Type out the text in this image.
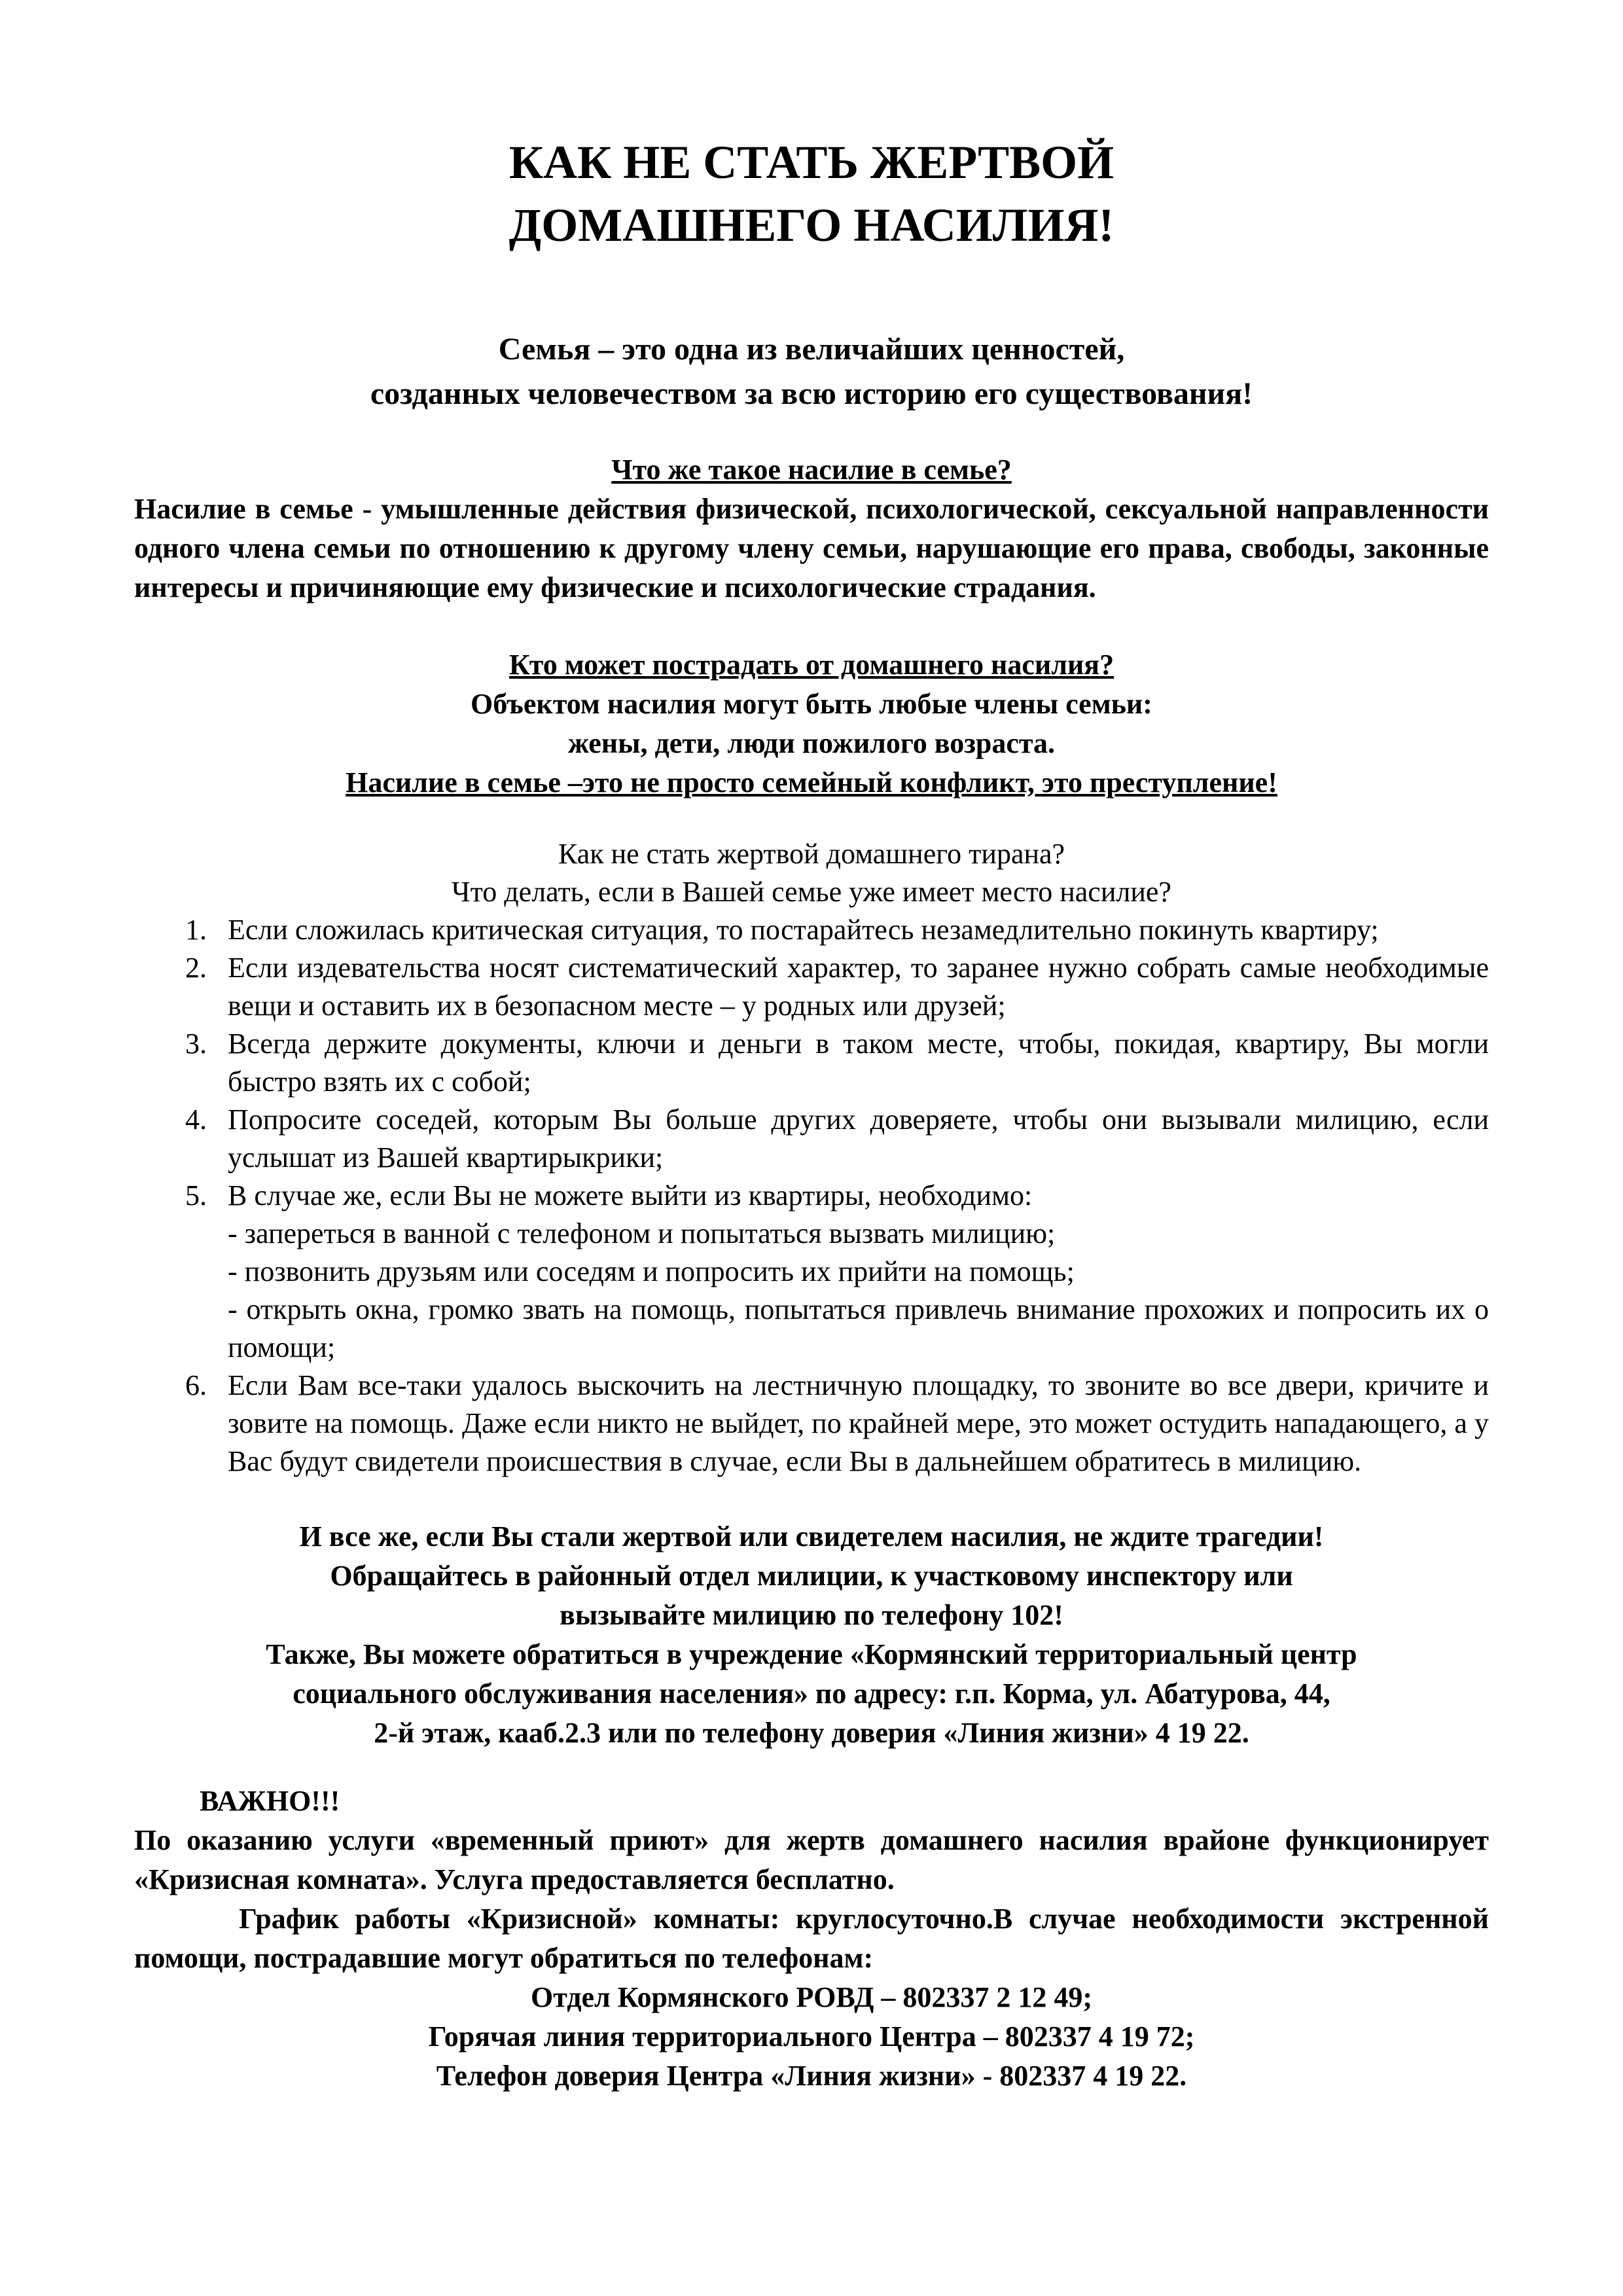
КАК НЕ СТАТЬ ЖЕРТВОЙ
ДОМАШНЕГО НАСИЛИЯ!

Семья – это одна из величайших ценностей,
созданных человечеством за всю историю его существования!

Что же такое насилие в семье?

Насилие в семье - умышленные действия физической, психологической, сексуальной направленности одного члена семьи по отношению к другому члену семьи, нарушающие его права, свободы, законные интересы и причиняющие ему физические и психологические страдания.

Кто может пострадать от домашнего насилия?

Объектом насилия могут быть любые члены семьи:

жены, дети, люди пожилого возраста.

Насилие в семье –это не просто семейный конфликт, это преступление!

Как не стать жертвой домашнего тирана?

Что делать, если в Вашей семье уже имеет место насилие?

1. Если сложилась критическая ситуация, то постарайтесь незамедлительно покинуть квартиру;
2. Если издевательства носят систематический характер, то заранее нужно собрать самые необходимые вещи и оставить их в безопасном месте – у родных или друзей;
3. Всегда держите документы, ключи и деньги в таком месте, чтобы, покидая, квартиру, Вы могли быстро взять их с собой;
4. Попросите соседей, которым Вы больше других доверяете, чтобы они вызывали милицию, если услышат из Вашей квартирыкрики;
5. В случае же, если Вы не можете выйти из квартиры, необходимо:
- запереться в ванной с телефоном и попытаться вызвать милицию;
- позвонить друзьям или соседям и попросить их прийти на помощь;
- открыть окна, громко звать на помощь, попытаться привлечь внимание прохожих и попросить их о помощи;
6. Если Вам все-таки удалось выскочить на лестничную площадку, то звоните во все двери, кричите и зовите на помощь. Даже если никто не выйдет, по крайней мере, это может остудить нападающего, а у Вас будут свидетели происшествия в случае, если Вы в дальнейшем обратитесь в милицию.

И все же, если Вы стали жертвой или свидетелем насилия, не ждите трагедии!

Обращайтесь в районный отдел милиции, к участковому инспектору или

вызывайте милицию по телефону 102!

Также, Вы можете обратиться в учреждение «Кормянский территориальный центр

социального обслуживания населения» по адресу: г.п. Корма, ул. Абатурова, 44,

2-й этаж, кааб.2.3 или по телефону доверия «Линия жизни» 4 19 22.

ВАЖНО!!!

По оказанию услуги «временный приют» для жертв домашнего насилия врайоне функционирует «Кризисная комната». Услуга предоставляется бесплатно.

График работы «Кризисной» комнаты: круглосуточно.В случае необходимости экстренной помощи, пострадавшие могут обратиться по телефонам:

Отдел Кормянского РОВД – 802337 2 12 49;

Горячая линия территориального Центра – 802337 4 19 72;

Телефон доверия Центра «Линия жизни» - 802337 4 19 22.
